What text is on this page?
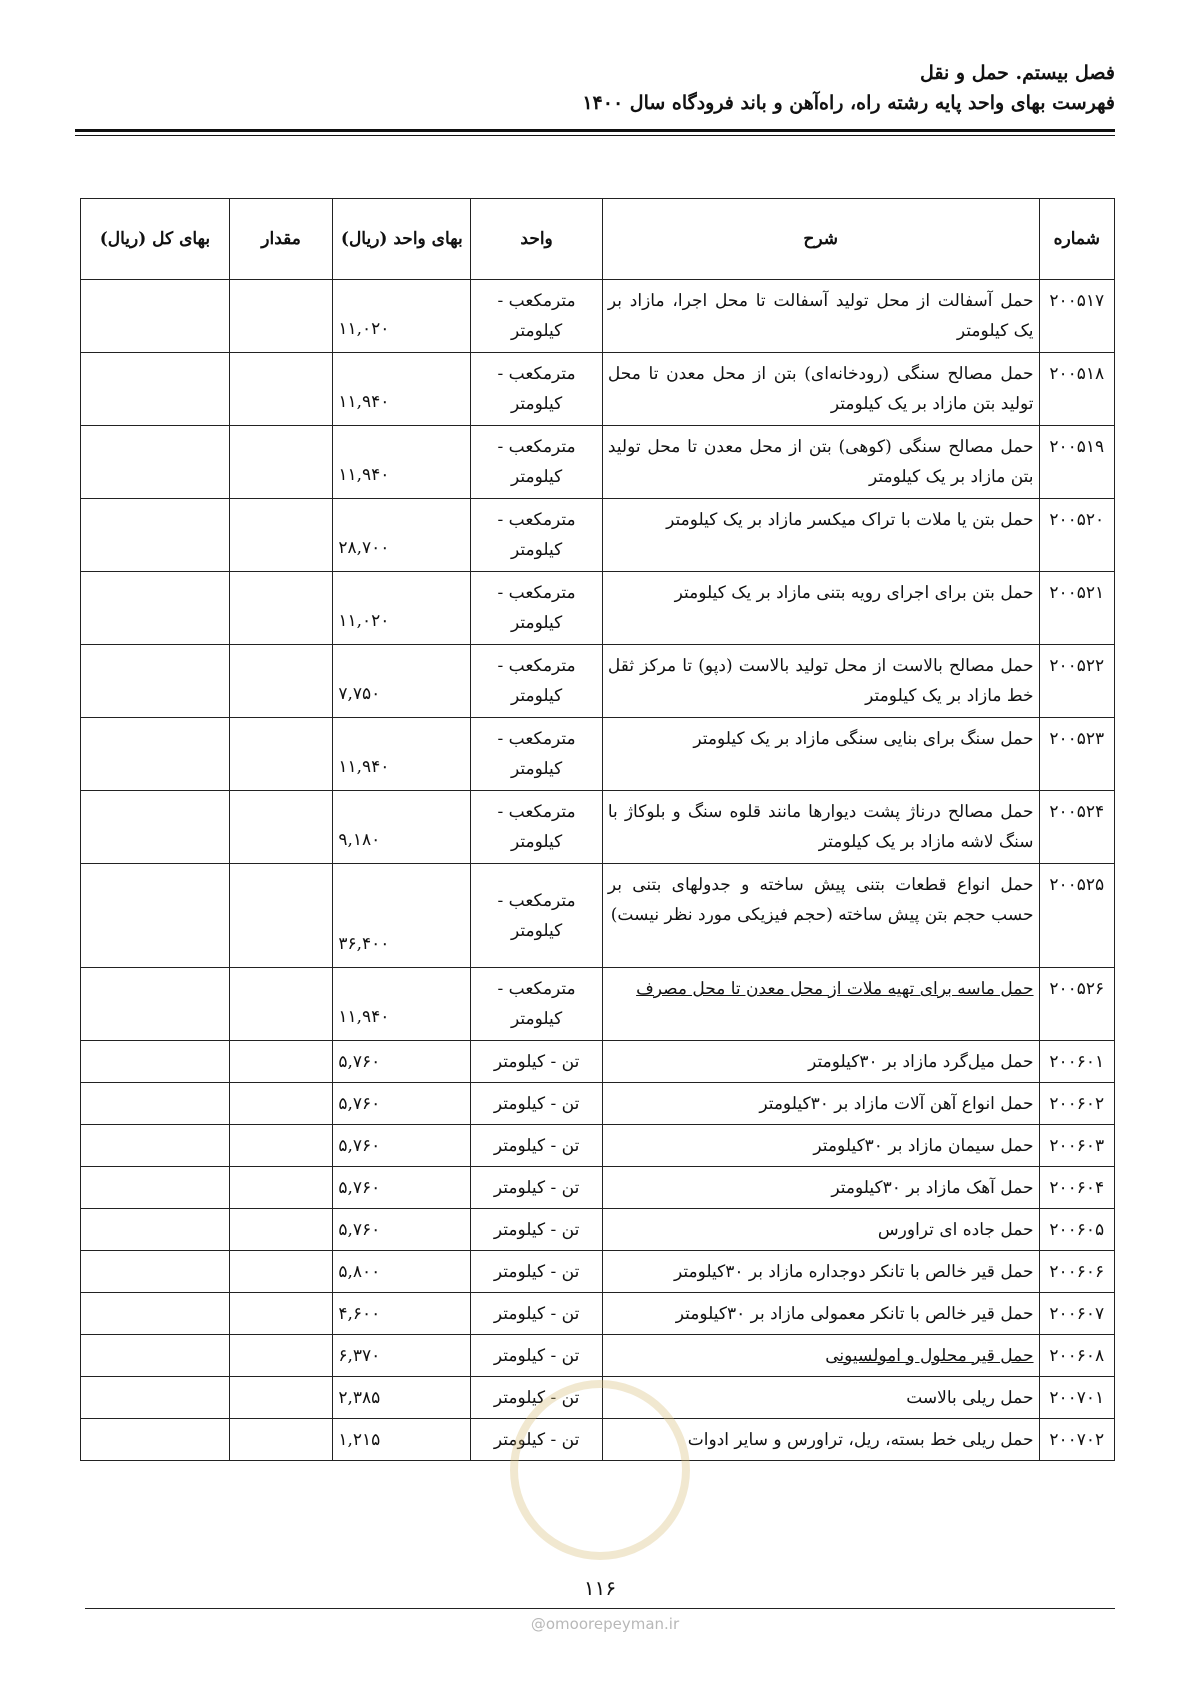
فصل بیستم. حمل و نقل
فهرست بهای واحد پایه رشته راه، راه‌آهن و باند فرودگاه سال ۱۴۰۰
شماره	شرح	واحد	بهای واحد (ریال)	مقدار	بهای کل (ریال)
۲۰۰۵۱۷	حمل آسفالت از محل تولید آسفالت تا محل اجرا، مازاد بر یک کیلومتر	مترمکعب - کیلومتر	۱۱,۰۲۰		
۲۰۰۵۱۸	حمل مصالح سنگی (رودخانه‌ای) بتن از محل معدن تا محل تولید بتن مازاد بر یک کیلومتر	مترمکعب - کیلومتر	۱۱,۹۴۰		
۲۰۰۵۱۹	حمل مصالح سنگی (کوهی) بتن از محل معدن تا محل تولید بتن مازاد بر یک کیلومتر	مترمکعب - کیلومتر	۱۱,۹۴۰		
۲۰۰۵۲۰	حمل بتن یا ملات با تراک میکسر مازاد بر یک کیلومتر	مترمکعب - کیلومتر	۲۸,۷۰۰		
۲۰۰۵۲۱	حمل بتن برای اجرای رویه بتنی مازاد بر یک کیلومتر	مترمکعب - کیلومتر	۱۱,۰۲۰		
۲۰۰۵۲۲	حمل مصالح بالاست از محل تولید بالاست (دپو) تا مرکز ثقل خط مازاد بر یک کیلومتر	مترمکعب - کیلومتر	۷,۷۵۰		
۲۰۰۵۲۳	حمل سنگ برای بنایی سنگی مازاد بر یک کیلومتر	مترمکعب - کیلومتر	۱۱,۹۴۰		
۲۰۰۵۲۴	حمل مصالح درناژ پشت دیوارها مانند قلوه سنگ و بلوکاژ با سنگ لاشه مازاد بر یک کیلومتر	مترمکعب - کیلومتر	۹,۱۸۰		
۲۰۰۵۲۵	حمل انواع قطعات بتنی پیش ساخته و جدولهای بتنی بر حسب حجم بتن پیش ساخته (حجم فیزیکی مورد نظر نیست)	مترمکعب - کیلومتر	۳۶,۴۰۰		
۲۰۰۵۲۶	حمل ماسه برای تهیه ملات از محل معدن تا محل مصرف	مترمکعب - کیلومتر	۱۱,۹۴۰		
۲۰۰۶۰۱	حمل میل‌گرد مازاد بر ۳۰کیلومتر	تن - کیلومتر	۵,۷۶۰		
۲۰۰۶۰۲	حمل انواع آهن آلات مازاد بر ۳۰کیلومتر	تن - کیلومتر	۵,۷۶۰		
۲۰۰۶۰۳	حمل سیمان مازاد بر ۳۰کیلومتر	تن - کیلومتر	۵,۷۶۰		
۲۰۰۶۰۴	حمل آهک مازاد بر ۳۰کیلومتر	تن - کیلومتر	۵,۷۶۰		
۲۰۰۶۰۵	حمل جاده ای تراورس	تن - کیلومتر	۵,۷۶۰		
۲۰۰۶۰۶	حمل قیر خالص با تانکر دوجداره مازاد بر ۳۰کیلومتر	تن - کیلومتر	۵,۸۰۰		
۲۰۰۶۰۷	حمل قیر خالص با تانکر معمولی مازاد بر ۳۰کیلومتر	تن - کیلومتر	۴,۶۰۰		
۲۰۰۶۰۸	حمل قیر محلول و امولسیونی	تن - کیلومتر	۶,۳۷۰		
۲۰۰۷۰۱	حمل ریلی بالاست	تن - کیلومتر	۲,۳۸۵		
۲۰۰۷۰۲	حمل ریلی خط بسته، ریل، تراورس و سایر ادوات	تن - کیلومتر	۱,۲۱۵		
۱۱۶
@omoorepeyman.ir
